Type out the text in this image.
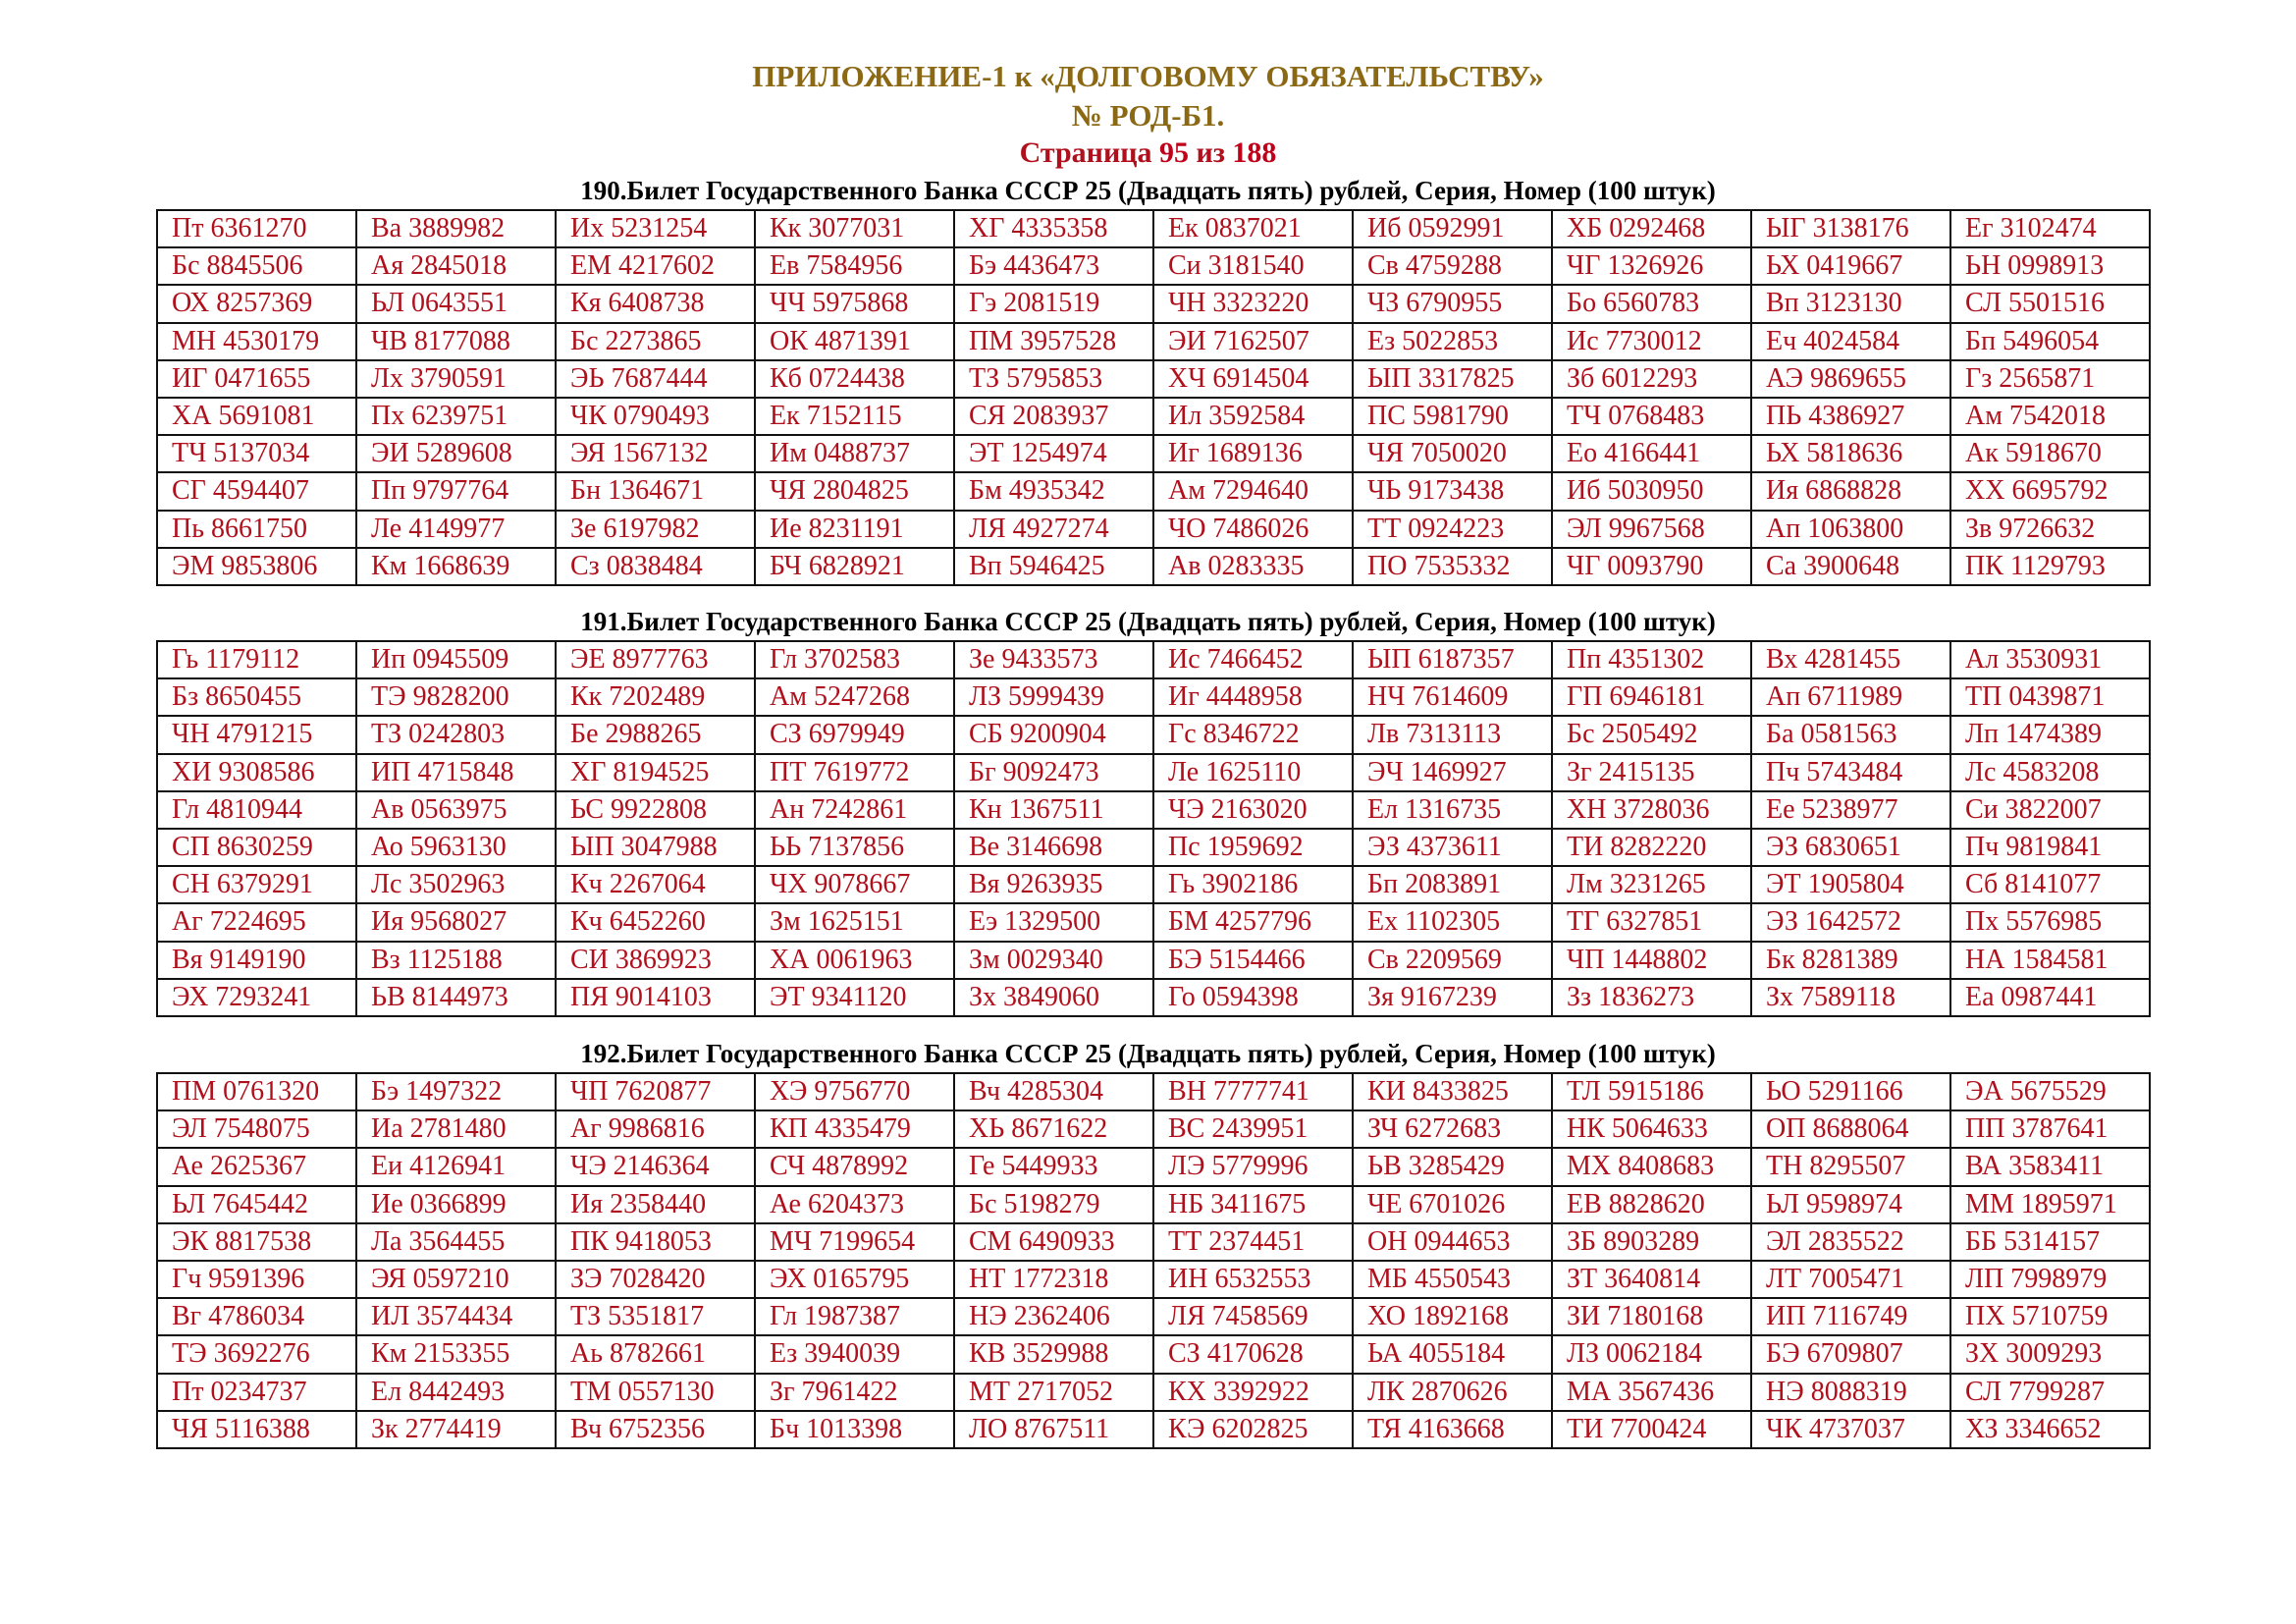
ПРИЛОЖЕНИЕ-1 к «ДОЛГОВОМУ ОБЯЗАТЕЛЬСТВУ»
№ РОД-Б1.
Страница 95 из 188
190.Билет Государственного Банка СССР 25 (Двадцать пять) рублей, Серия, Номер (100 штук)
Пт 6361270	Ва 3889982	Их 5231254	Кк 3077031	ХГ 4335358	Ек 0837021	Иб 0592991	ХБ 0292468	ЫГ 3138176	Ег 3102474
Бс 8845506	Ая 2845018	ЕМ 4217602	Ев 7584956	Бэ 4436473	Си 3181540	Св 4759288	ЧГ 1326926	ЬХ 0419667	ЬН 0998913
ОХ 8257369	ЬЛ 0643551	Кя 6408738	ЧЧ 5975868	Гэ 2081519	ЧН 3323220	ЧЗ 6790955	Бо 6560783	Вп 3123130	СЛ 5501516
МН 4530179	ЧВ 8177088	Бс 2273865	ОК 4871391	ПМ 3957528	ЭИ 7162507	Ез 5022853	Ис 7730012	Еч 4024584	Бп 5496054
ИГ 0471655	Лх 3790591	ЭЬ 7687444	Кб 0724438	ТЗ 5795853	ХЧ 6914504	ЫП 3317825	Зб 6012293	АЭ 9869655	Гз 2565871
ХА 5691081	Пх 6239751	ЧК 0790493	Ек 7152115	СЯ 2083937	Ил 3592584	ПС 5981790	ТЧ 0768483	ПЬ 4386927	Ам 7542018
ТЧ 5137034	ЭИ 5289608	ЭЯ 1567132	Им 0488737	ЭТ 1254974	Иг 1689136	ЧЯ 7050020	Ео 4166441	ЬХ 5818636	Ак 5918670
СГ 4594407	Пп 9797764	Бн 1364671	ЧЯ 2804825	Бм 4935342	Ам 7294640	ЧЬ 9173438	Иб 5030950	Ия 6868828	ХХ 6695792
Пь 8661750	Ле 4149977	Зе 6197982	Ие 8231191	ЛЯ 4927274	ЧО 7486026	ТТ 0924223	ЭЛ 9967568	Ап 1063800	Зв 9726632
ЭМ 9853806	Км 1668639	Сз 0838484	БЧ 6828921	Вп 5946425	Ав 0283335	ПО 7535332	ЧГ 0093790	Са 3900648	ПК 1129793
191.Билет Государственного Банка СССР 25 (Двадцать пять) рублей, Серия, Номер (100 штук)
Гь 1179112	Ип 0945509	ЭЕ 8977763	Гл 3702583	Зе 9433573	Ис 7466452	ЫП 6187357	Пп 4351302	Вх 4281455	Ал 3530931
Бз 8650455	ТЭ 9828200	Кк 7202489	Ам 5247268	ЛЗ 5999439	Иг 4448958	НЧ 7614609	ГП 6946181	Ап 6711989	ТП 0439871
ЧН 4791215	ТЗ 0242803	Бе 2988265	СЗ 6979949	СБ 9200904	Гс 8346722	Лв 7313113	Бс 2505492	Ба 0581563	Лп 1474389
ХИ 9308586	ИП 4715848	ХГ 8194525	ПТ 7619772	Бг 9092473	Ле 1625110	ЭЧ 1469927	Зг 2415135	Пч 5743484	Лс 4583208
Гл 4810944	Ав 0563975	ЬС 9922808	Ан 7242861	Кн 1367511	ЧЭ 2163020	Ел 1316735	ХН 3728036	Ее 5238977	Си 3822007
СП 8630259	Ао 5963130	ЫП 3047988	ЬЬ 7137856	Ве 3146698	Пс 1959692	ЭЗ 4373611	ТИ 8282220	ЭЗ 6830651	Пч 9819841
СН 6379291	Лс 3502963	Кч 2267064	ЧХ 9078667	Вя 9263935	Гь 3902186	Бп 2083891	Лм 3231265	ЭТ 1905804	Сб 8141077
Аг 7224695	Ия 9568027	Кч 6452260	Зм 1625151	Еэ 1329500	БМ 4257796	Ех 1102305	ТГ 6327851	ЭЗ 1642572	Пх 5576985
Вя 9149190	Вз 1125188	СИ 3869923	ХА 0061963	Зм 0029340	БЭ 5154466	Св 2209569	ЧП 1448802	Бк 8281389	НА 1584581
ЭХ 7293241	ЬВ 8144973	ПЯ 9014103	ЭТ 9341120	Зх 3849060	Го 0594398	Зя 9167239	Зз 1836273	Зх 7589118	Еа 0987441
192.Билет Государственного Банка СССР 25 (Двадцать пять) рублей, Серия, Номер (100 штук)
ПМ 0761320	Бэ 1497322	ЧП 7620877	ХЭ 9756770	Вч 4285304	ВН 7777741	КИ 8433825	ТЛ 5915186	ЬО 5291166	ЭА 5675529
ЭЛ 7548075	Иа 2781480	Аг 9986816	КП 4335479	ХЬ 8671622	ВС 2439951	ЗЧ 6272683	НК 5064633	ОП 8688064	ПП 3787641
Ае 2625367	Еи 4126941	ЧЭ 2146364	СЧ 4878992	Ге 5449933	ЛЭ 5779996	ЬВ 3285429	МХ 8408683	ТН 8295507	ВА 3583411
ЬЛ 7645442	Ие 0366899	Ия 2358440	Ае 6204373	Бс 5198279	НБ 3411675	ЧЕ 6701026	ЕВ 8828620	ЬЛ 9598974	ММ 1895971
ЭК 8817538	Ла 3564455	ПК 9418053	МЧ 7199654	СМ 6490933	ТТ 2374451	ОН 0944653	ЗБ 8903289	ЭЛ 2835522	ББ 5314157
Гч 9591396	ЭЯ 0597210	ЗЭ 7028420	ЭХ 0165795	НТ 1772318	ИН 6532553	МБ 4550543	ЗТ 3640814	ЛТ 7005471	ЛП 7998979
Вг 4786034	ИЛ 3574434	ТЗ 5351817	Гл 1987387	НЭ 2362406	ЛЯ 7458569	ХО 1892168	ЗИ 7180168	ИП 7116749	ПХ 5710759
ТЭ 3692276	Км 2153355	Аь 8782661	Ез 3940039	КВ 3529988	СЗ 4170628	ЬА 4055184	ЛЗ 0062184	БЭ 6709807	ЗХ 3009293
Пт 0234737	Ел 8442493	ТМ 0557130	Зг 7961422	МТ 2717052	КХ 3392922	ЛК 2870626	МА 3567436	НЭ 8088319	СЛ 7799287
ЧЯ 5116388	Зк 2774419	Вч 6752356	Бч 1013398	ЛО 8767511	КЭ 6202825	ТЯ 4163668	ТИ 7700424	ЧК 4737037	ХЗ 3346652
